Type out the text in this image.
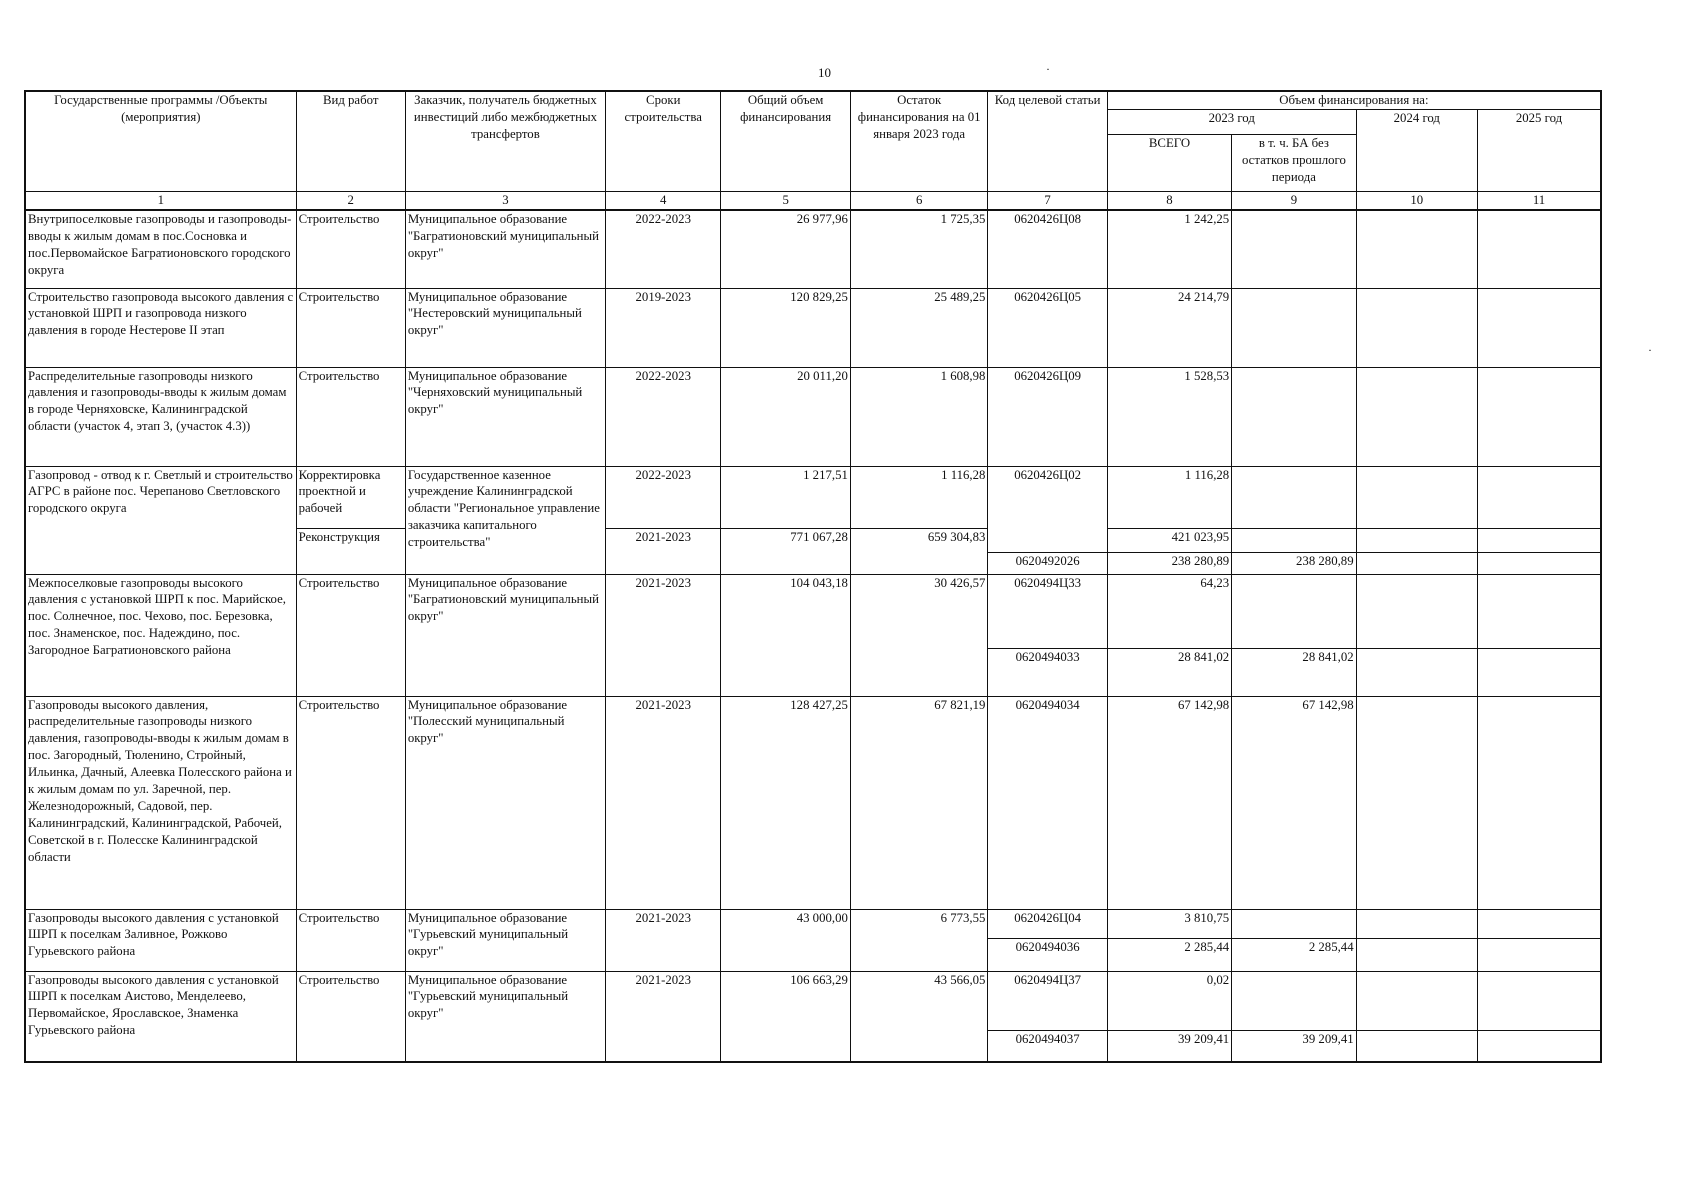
10	·
·
Государственные программы /Объекты (мероприятия)	Вид работ	Заказчик, получатель бюджетных инвестиций либо межбюджетных трансфертов	Сроки строительства	Общий объем финансирования	Остаток финансирования на 01 января 2023 года	Код целевой статьи	Объем финансирования на:			
							2023 год		2024 год	2025 год
							ВСЕГО	в т. ч. БА без остатков прошлого периода		
1	2	3	4	5	6	7	8	9	10	11
Внутрипоселковые газопроводы и газопроводы-вводы к жилым домам в пос.Сосновка и пос.Первомайское Багратионовского городского округа	Строительство	Муниципальное образование "Багратионовский муниципальный округ"	2022-2023	26 977,96	1 725,35	0620426Ц08	1 242,25			
Строительство газопровода высокого давления с установкой ШРП и газопровода низкого давления в городе Нестерове II этап	Строительство	Муниципальное образование "Нестеровский муниципальный округ"	2019-2023	120 829,25	25 489,25	0620426Ц05	24 214,79			
Распределительные газопроводы низкого давления и газопроводы-вводы к жилым домам в городе Черняховске, Калининградской области (участок 4, этап 3, (участок 4.3))	Строительство	Муниципальное образование "Черняховский муниципальный округ"	2022-2023	20 011,20	1 608,98	0620426Ц09	1 528,53			
Газопровод - отвод к г. Светлый и строительство АГРС в районе пос. Черепаново Светловского городского округа	Корректировка проектной и рабочей	Государственное казенное учреждение Калининградской области "Региональное управление заказчика капитального строительства"	2022-2023	1 217,51	1 116,28	0620426Ц02	1 116,28			
	Реконструкция		2021-2023	771 067,28	659 304,83		421 023,95			
						0620492026	238 280,89	238 280,89		
Межпоселковые газопроводы высокого давления с установкой ШРП к пос. Марийское, пос. Солнечное, пос. Чехово, пос. Березовка, пос. Знаменское, пос. Надеждино, пос. Загородное Багратионовского района	Строительство	Муниципальное образование "Багратионовский муниципальный округ"	2021-2023	104 043,18	30 426,57	0620494Ц33	64,23			
						0620494033	28 841,02	28 841,02		
Газопроводы высокого давления, распределительные газопроводы низкого давления, газопроводы-вводы к жилым домам в пос. Загородный, Тюленино, Стройный, Ильинка, Дачный, Алеевка Полесского района и к жилым домам по ул. Заречной, пер. Железнодорожный, Садовой, пер. Калининградский, Калининградской, Рабочей, Советской в г. Полесске Калининградской области	Строительство	Муниципальное образование "Полесский муниципальный округ"	2021-2023	128 427,25	67 821,19	0620494034	67 142,98	67 142,98		
Газопроводы высокого давления с установкой ШРП к поселкам Заливное, Рожково Гурьевского района	Строительство	Муниципальное образование "Гурьевский муниципальный округ"	2021-2023	43 000,00	6 773,55	0620426Ц04	3 810,75			
						0620494036	2 285,44	2 285,44		
Газопроводы высокого давления с установкой ШРП к поселкам Аистово, Менделеево, Первомайское, Ярославское, Знаменка Гурьевского района	Строительство	Муниципальное образование "Гурьевский муниципальный округ"	2021-2023	106 663,29	43 566,05	0620494Ц37	0,02			
						0620494037	39 209,41	39 209,41		
